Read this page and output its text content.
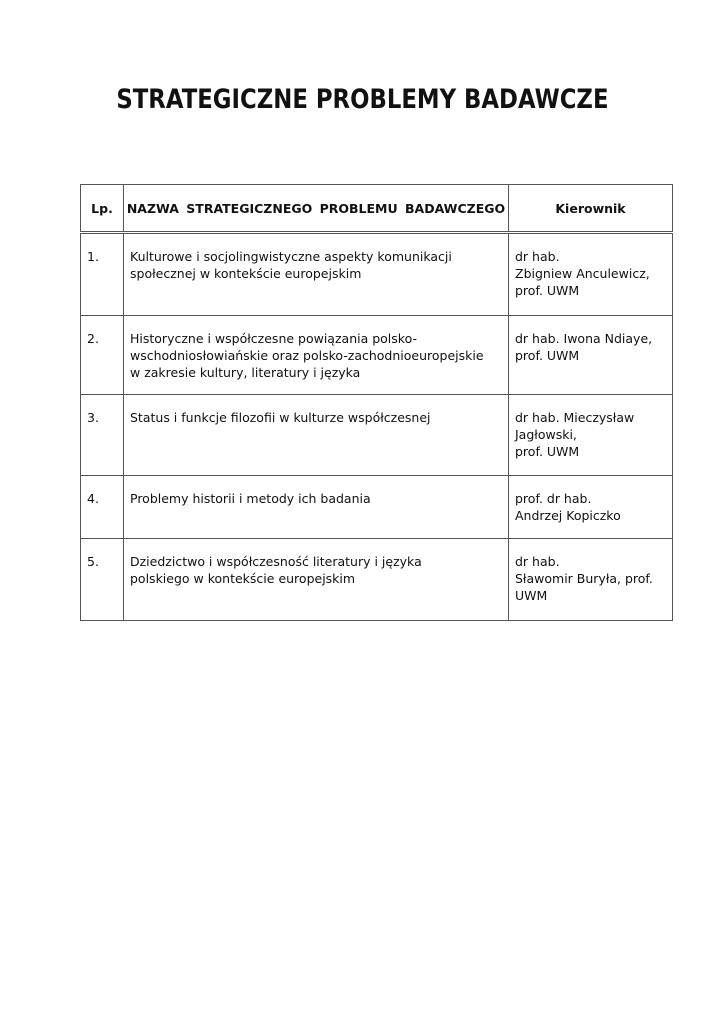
STRATEGICZNE PROBLEMY BADAWCZE
Lp.	NAZWA STRATEGICZNEGO PROBLEMU BADAWCZEGO	Kierownik

1.	Kulturowe i socjolingwistyczne aspekty komunikacji
społecznej w kontekście europejskim	dr hab.
Zbigniew Anculewicz,
prof. UWM

2.	Historyczne i współczesne powiązania polsko-
wschodniosłowiańskie oraz polsko-zachodnioeuropejskie
w zakresie kultury, literatury i języka	dr hab. Iwona Ndiaye,
prof. UWM

3.	Status i funkcje filozofii w kulturze współczesnej	dr hab. Mieczysław
Jagłowski,
prof. UWM

4.	Problemy historii i metody ich badania	prof. dr hab.
Andrzej Kopiczko

5.	Dziedzictwo i współczesność literatury i języka
polskiego w kontekście europejskim	dr hab.
Sławomir Buryła, prof.
UWM
